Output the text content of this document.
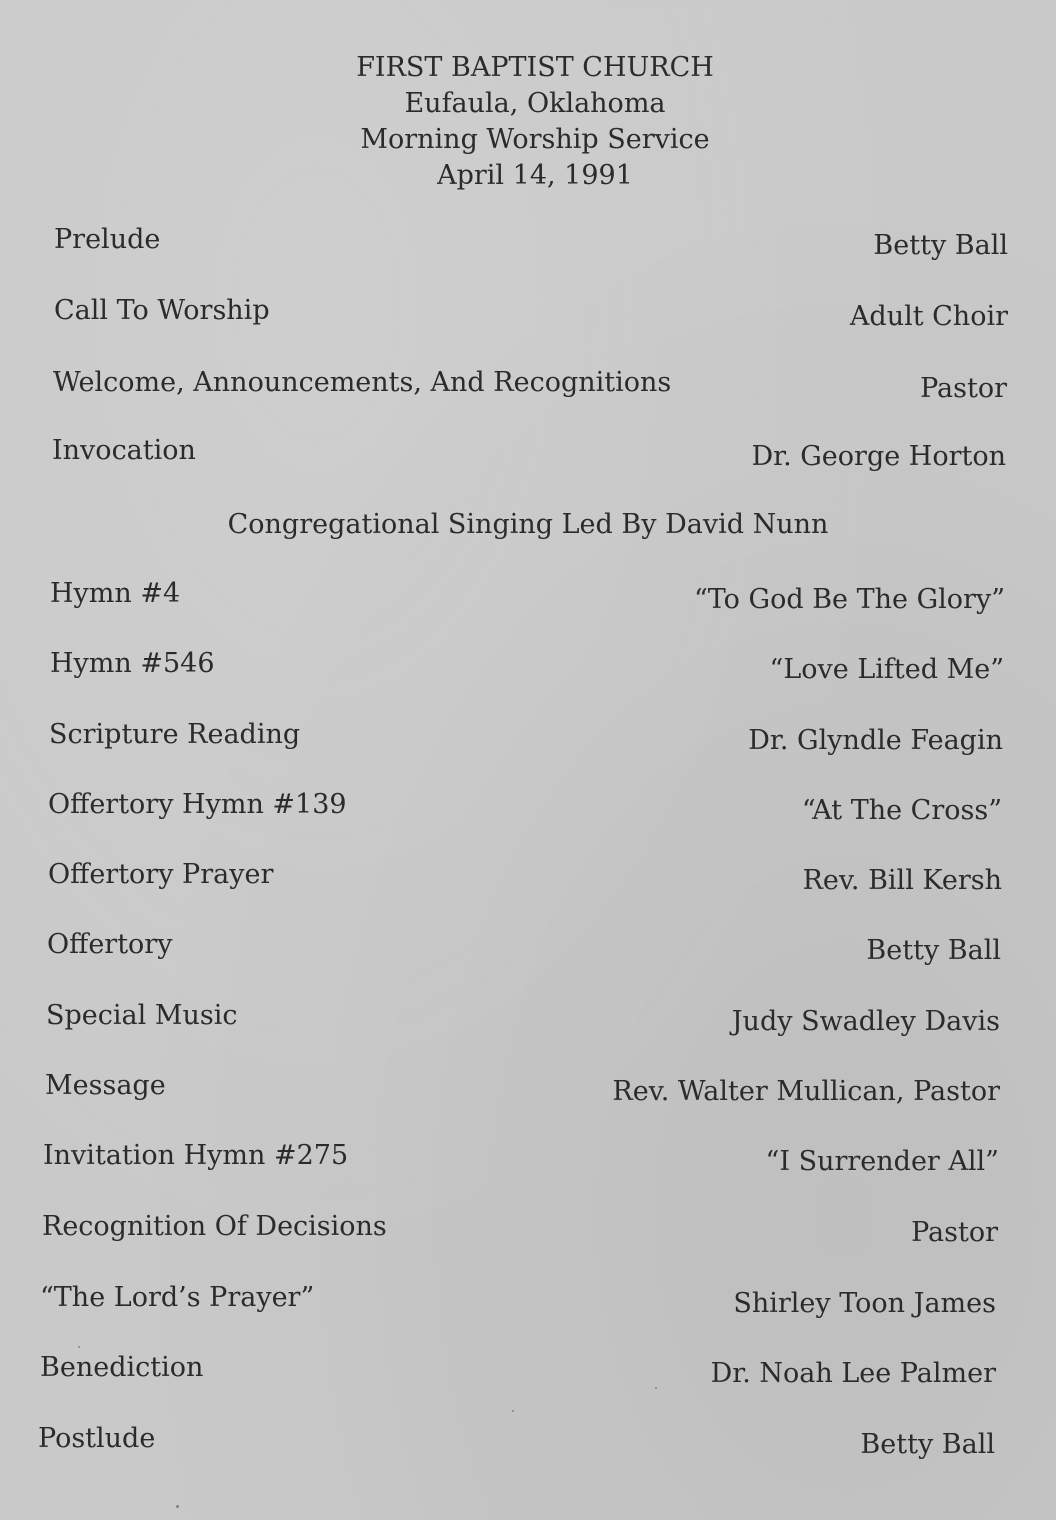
FIRST BAPTIST CHURCH
Eufaula, Oklahoma
Morning Worship Service
April 14, 1991
Prelude	Betty Ball
Call To Worship	Adult Choir
Welcome, Announcements, And Recognitions	Pastor
Invocation	Dr. George Horton
Congregational Singing Led By David Nunn
Hymn #4	“To God Be The Glory”
Hymn #546	“Love Lifted Me”
Scripture Reading	Dr. Glyndle Feagin
Offertory Hymn #139	“At The Cross”
Offertory Prayer	Rev. Bill Kersh
Offertory	Betty Ball
Special Music	Judy Swadley Davis
Message	Rev. Walter Mullican, Pastor
Invitation Hymn #275	“I Surrender All”
Recognition Of Decisions	Pastor
“The Lord’s Prayer”	Shirley Toon James
Benediction	Dr. Noah Lee Palmer
Postlude	Betty Ball
